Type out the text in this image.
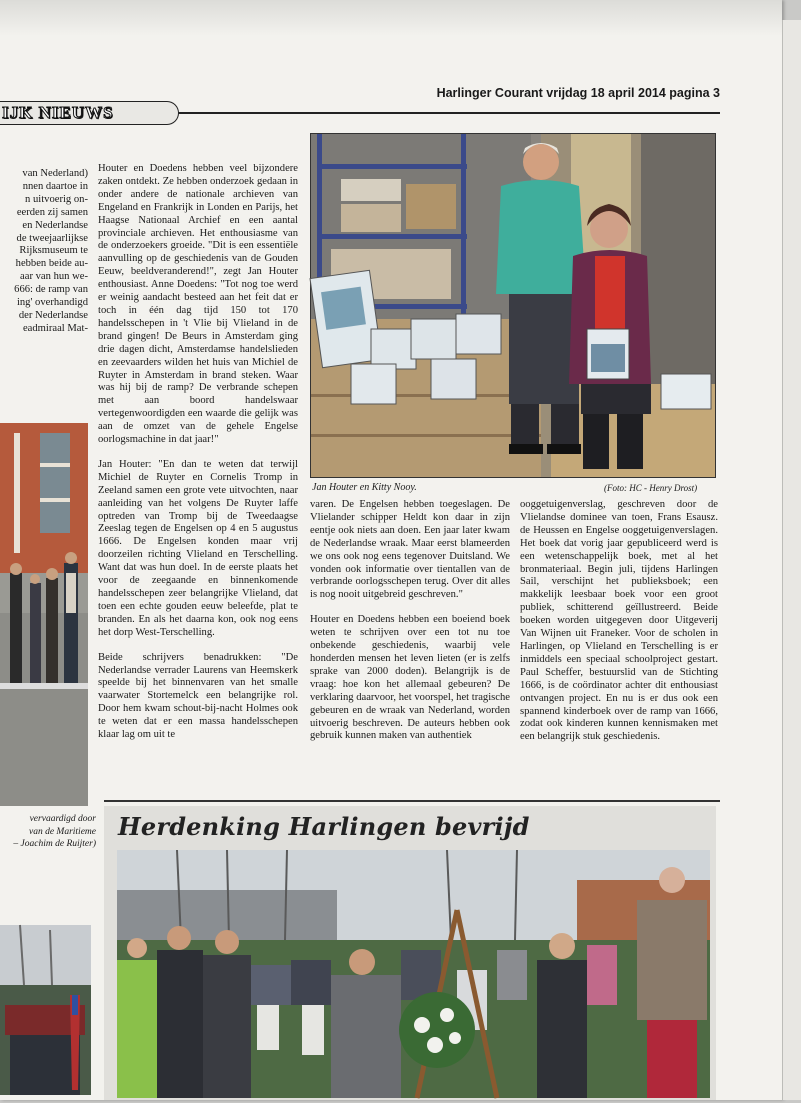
Harlinger Courant vrijdag 18 april 2014 pagina 3
IJK NIEUWS

van Nederland)

nnen daartoe in

n uitvoerig on-

eerden zij samen

en Nederlandse

de tweejaarlijkse

Rijksmuseum te

hebben beide au-

aar van hun we-

666: de ramp van

ing' overhandigd

der Nederlandse

eadmiraal Mat-

vervaardigd door
van de Maritieme
– Joachim de Ruijter)

Houter en Doedens hebben veel bijzondere zaken ontdekt. Ze hebben onderzoek gedaan in onder andere de nationale archieven van Engeland en Frankrijk in Londen en Parijs, het Haagse Nationaal Archief en een aantal provinciale archieven. Het enthousiasme van de onderzoekers groeide. "Dit is een essentiële aanvulling op de geschiedenis van de Gouden Eeuw, beeldveranderend!", zegt Jan Houter enthousiast. Anne Doedens: "Tot nog toe werd er weinig aandacht besteed aan het feit dat er toch in één dag tijd 150 tot 170 handelsschepen in 't Vlie bij Vlieland in de brand gingen! De Beurs in Amsterdam ging drie dagen dicht, Amsterdamse handelslieden en zeevaarders wilden het huis van Michiel de Ruyter in Amsterdam in brand steken. Waar was hij bij de ramp? De verbrande schepen met aan boord handelswaar vertegenwoordigden een waarde die gelijk was aan de omzet van de gehele Engelse oorlogsmachine in dat jaar!"

Jan Houter: "En dan te weten dat terwijl Michiel de Ruyter en Cornelis Tromp in Zeeland samen een grote vete uitvochten, naar aanleiding van het volgens De Ruyter laffe optreden van Tromp bij de Tweedaagse Zeeslag tegen de Engelsen op 4 en 5 augustus 1666. De Engelsen konden maar vrij doorzeilen richting Vlieland en Terschelling. Want dat was hun doel. In de eerste plaats het voor de zeegaande en binnenkomende handelsschepen zeer belangrijke Vlieland, dat toen een echte gouden eeuw beleefde, plat te branden. En als het daarna kon, ook nog eens het dorp West-Terschelling.

Beide schrijvers benadrukken: "De Nederlandse verrader Laurens van Heemskerk speelde bij het binnenvaren van het smalle vaarwater Stortemelck een belangrijke rol. Door hem kwam schout-bij-nacht Holmes ook te weten dat er een massa handelsschepen klaar lag om uit te

Jan Houter en Kitty Nooy.	(Foto: HC - Henry Drost)

varen. De Engelsen hebben toegeslagen. De Vlielander schipper Heldt kon daar in zijn eentje ook niets aan doen. Een jaar later kwam de Nederlandse wraak. Maar eerst blameerden we ons ook nog eens tegenover Duitsland. We vonden ook informatie over tientallen van de verbrande oorlogsschepen terug. Over dit alles is nog nooit uitgebreid geschreven."

Houter en Doedens hebben een boeiend boek weten te schrijven over een tot nu toe onbekende geschiedenis, waarbij vele honderden mensen het leven lieten (er is zelfs sprake van 2000 doden). Belangrijk is de vraag: hoe kon het allemaal gebeuren? De verklaring daarvoor, het voorspel, het tragische gebeuren en de wraak van Nederland, worden uitvoerig beschreven. De auteurs hebben ook gebruik kunnen maken van authentiek

ooggetuigenverslag, geschreven door de Vlielandse dominee van toen, Frans Esausz. de Heussen en Engelse ooggetuigenverslagen. Het boek dat vorig jaar gepubliceerd werd is een wetenschappelijk boek, met al het bronmateriaal. Begin juli, tijdens Harlingen Sail, verschijnt het publieksboek; een makkelijk leesbaar boek voor een groot publiek, schitterend geïllustreerd. Beide boeken worden uitgegeven door Uitgeverij Van Wijnen uit Franeker. Voor de scholen in Harlingen, op Vlieland en Terschelling is er inmiddels een speciaal schoolproject gestart. Paul Scheffer, bestuurslid van de Stichting 1666, is de coördinator achter dit enthousiast ontvangen project. En nu is er dus ook een spannend kinderboek over de ramp van 1666, zodat ook kinderen kunnen kennismaken met een belangrijk stuk geschiedenis.

Herdenking Harlingen bevrijd
